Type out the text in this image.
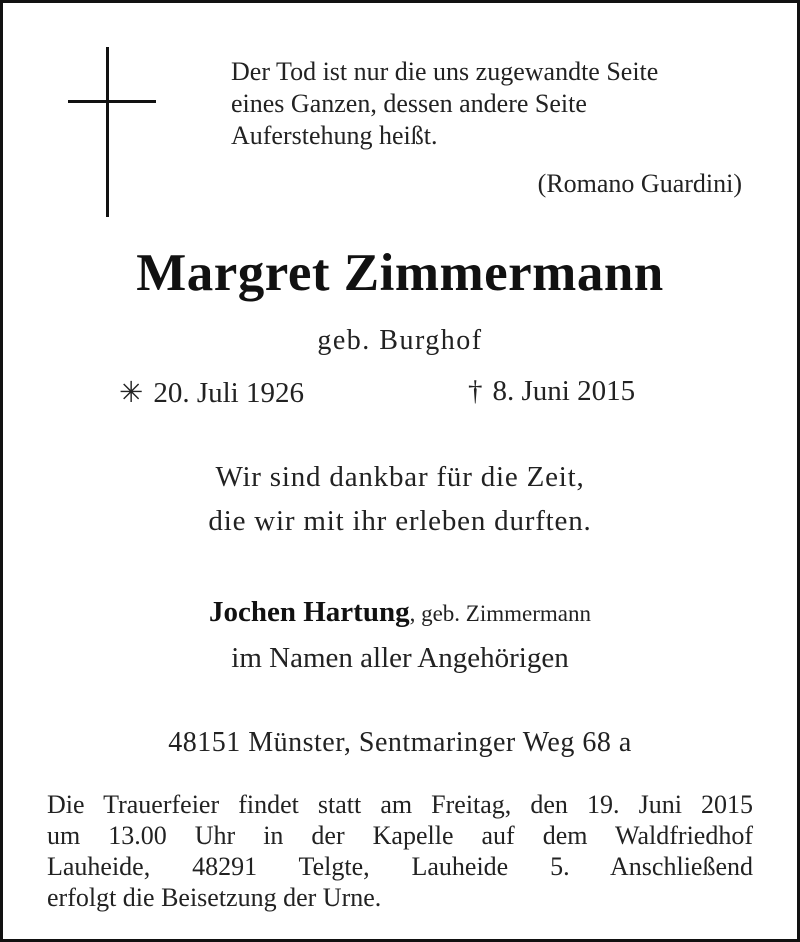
Der Tod ist nur die uns zugewandte Seite
eines Ganzen, dessen andere Seite
Auferstehung heißt.
(Romano Guardini)
Margret Zimmermann
geb. Burghof
✳ 20. Juli 1926	† 8. Juni 2015
Wir sind dankbar für die Zeit,
die wir mit ihr erleben durften.
Jochen Hartung, geb. Zimmermann
im Namen aller Angehörigen
48151 Münster, Sentmaringer Weg 68 a
Die Trauerfeier findet statt am Freitag, den 19. Juni 2015
um 13.00 Uhr in der Kapelle auf dem Waldfriedhof
Lauheide, 48291 Telgte, Lauheide 5. Anschließend
erfolgt die Beisetzung der Urne.
